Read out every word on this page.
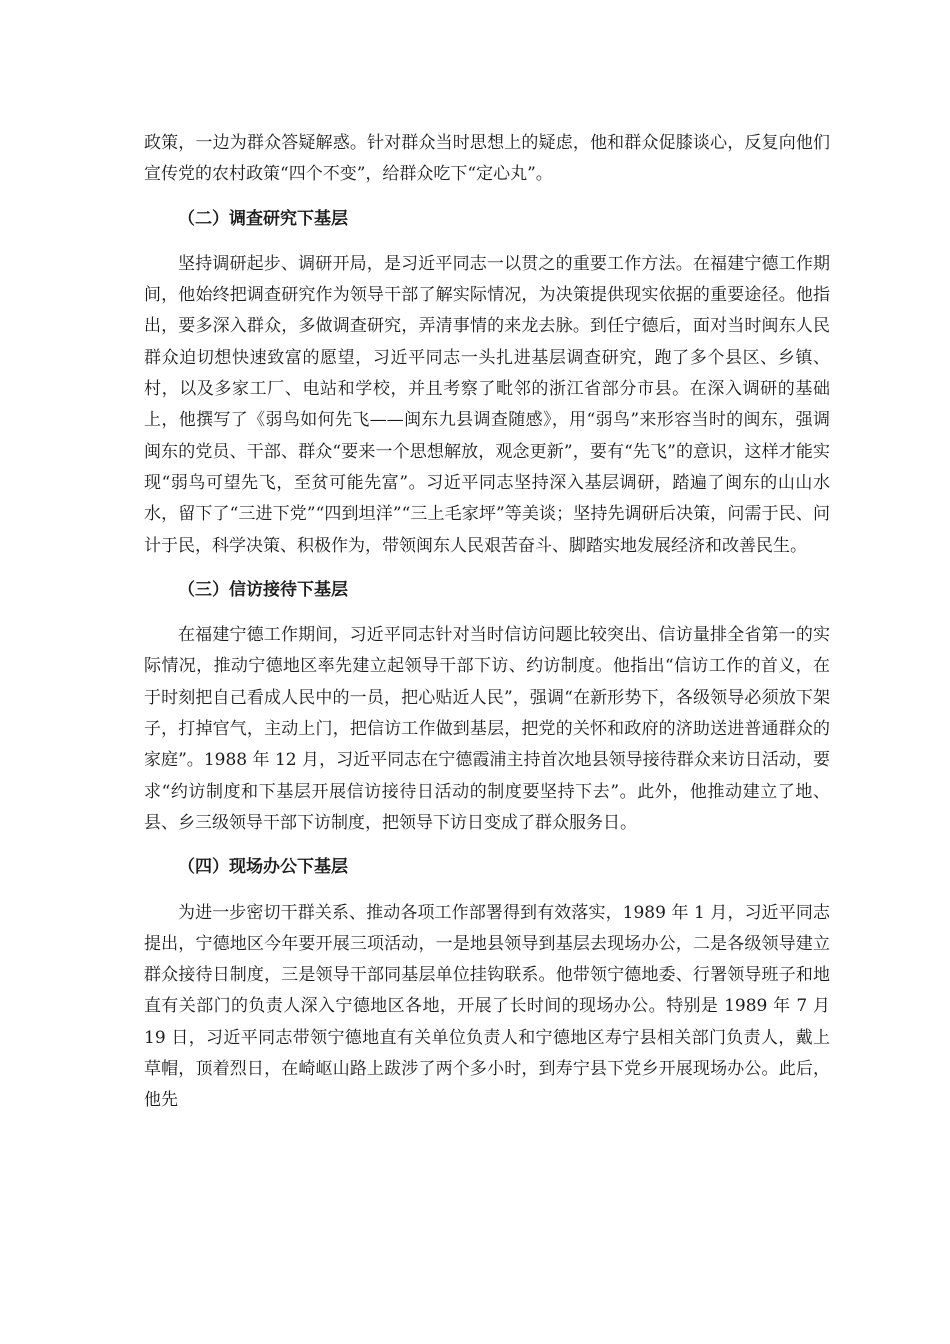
政策，一边为群众答疑解惑。针对群众当时思想上的疑虑，他和群众促膝谈心，反复向他们宣传党的农村政策“四个不变”，给群众吃下“定心丸”。

（二）调查研究下基层

坚持调研起步、调研开局，是习近平同志一以贯之的重要工作方法。在福建宁德工作期间，他始终把调查研究作为领导干部了解实际情况，为决策提供现实依据的重要途径。他指出，要多深入群众，多做调查研究，弄清事情的来龙去脉。到任宁德后，面对当时闽东人民群众迫切想快速致富的愿望，习近平同志一头扎进基层调查研究，跑了多个县区、乡镇、村，以及多家工厂、电站和学校，并且考察了毗邻的浙江省部分市县。在深入调研的基础上，他撰写了《弱鸟如何先飞——闽东九县调查随感》，用“弱鸟”来形容当时的闽东，强调闽东的党员、干部、群众“要来一个思想解放，观念更新”，要有“先飞”的意识，这样才能实现“弱鸟可望先飞，至贫可能先富”。习近平同志坚持深入基层调研，踏遍了闽东的山山水水，留下了“三进下党”“四到坦洋”“三上毛家坪”等美谈；坚持先调研后决策，问需于民、问计于民，科学决策、积极作为，带领闽东人民艰苦奋斗、脚踏实地发展经济和改善民生。

（三）信访接待下基层

在福建宁德工作期间，习近平同志针对当时信访问题比较突出、信访量排全省第一的实际情况，推动宁德地区率先建立起领导干部下访、约访制度。他指出“信访工作的首义，在于时刻把自己看成人民中的一员，把心贴近人民”，强调“在新形势下，各级领导必须放下架子，打掉官气，主动上门，把信访工作做到基层，把党的关怀和政府的济助送进普通群众的家庭”。1988 年 12 月，习近平同志在宁德霞浦主持首次地县领导接待群众来访日活动，要求“约访制度和下基层开展信访接待日活动的制度要坚持下去”。此外，他推动建立了地、县、乡三级领导干部下访制度，把领导下访日变成了群众服务日。

（四）现场办公下基层

为进一步密切干群关系、推动各项工作部署得到有效落实，1989 年 1 月，习近平同志提出，宁德地区今年要开展三项活动，一是地县领导到基层去现场办公，二是各级领导建立群众接待日制度，三是领导干部同基层单位挂钩联系。他带领宁德地委、行署领导班子和地直有关部门的负责人深入宁德地区各地，开展了长时间的现场办公。特别是 1989 年 7 月 19 日，习近平同志带领宁德地直有关单位负责人和宁德地区寿宁县相关部门负责人，戴上草帽，顶着烈日，在崎岖山路上跋涉了两个多小时，到寿宁县下党乡开展现场办公。此后，他先
